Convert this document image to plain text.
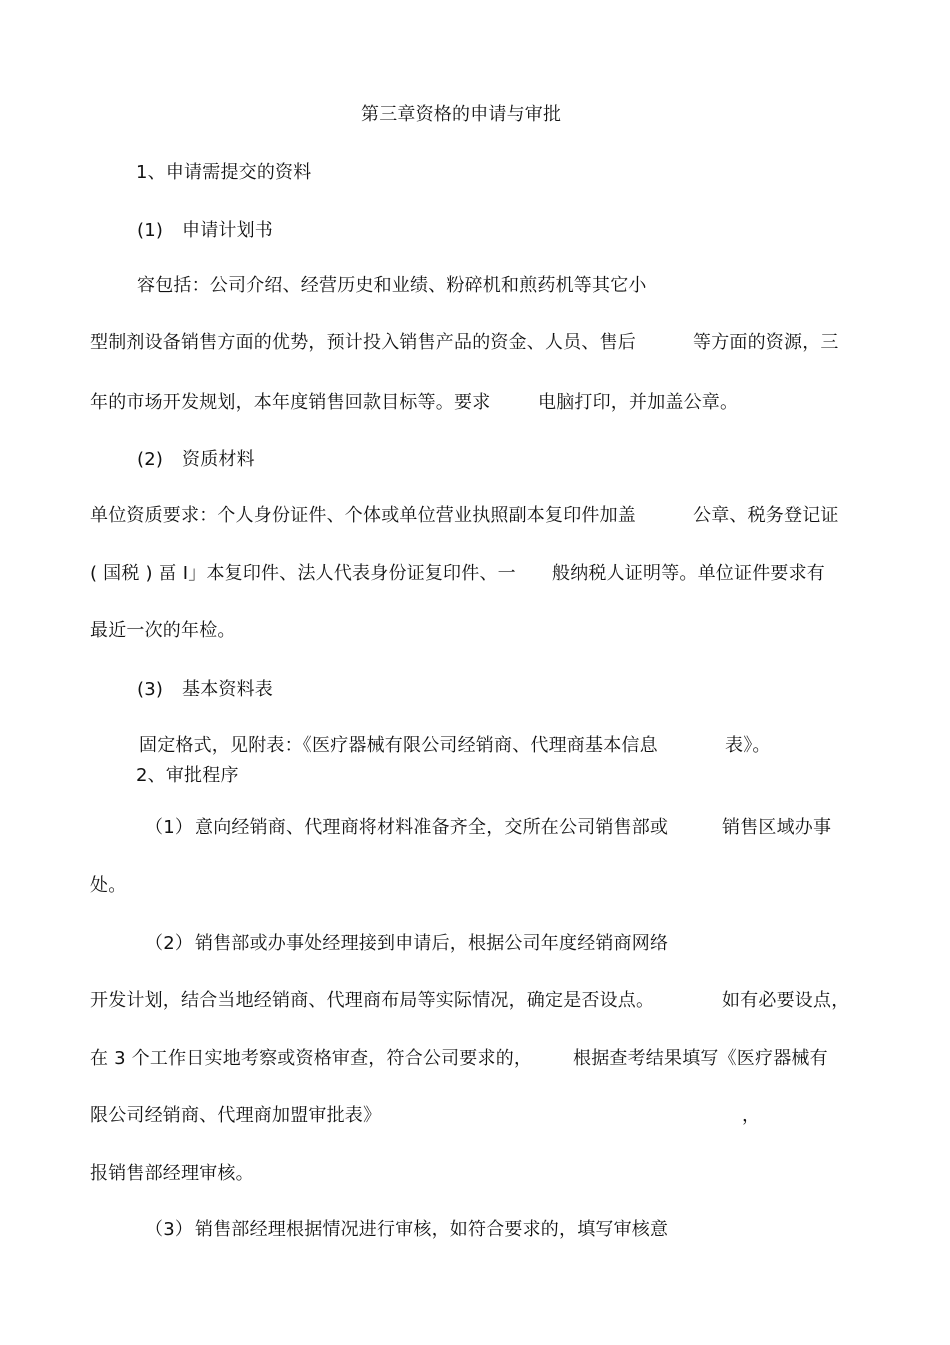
第三章资格的申请与审批
1、申请需提交的资料
(1) 申请计划书
容包括：公司介绍、经营历史和业绩、粉碎机和煎药机等其它小
型制剂设备销售方面的优势，预计投入销售产品的资金、人员、售后	等方面的资源，三
年的市场开发规划，本年度销售回款目标等。要求	电脑打印，并加盖公章。
(2) 资质材料
单位资质要求：个人身份证件、个体或单位营业执照副本复印件加盖	公章、税务登记证
( 国税 ) 畐 I」本复印件、法人代表身份证复印件、一 般纳税人证明等。单位证件要求有
最近一次的年检。
(3) 基本资料表
固定格式，见附表：《医疗器械有限公司经销商、代理商基本信息	表》。
2、审批程序
（1） 意向经销商、代理商将材料准备齐全，交所在公司销售部或	销售区域办事
处。
（2） 销售部或办事处经理接到申请后，根据公司年度经销商网络
开发计划，结合当地经销商、代理商布局等实际情况，确定是否设点。	如有必要设点，
在 3 个工作日实地考察或资格审查，符合公司要求的， 根据查考结果填写《医疗器械有
限公司经销商、代理商加盟审批表》	，
报销售部经理审核。
（3） 销售部经理根据情况进行审核，如符合要求的，填写审核意
